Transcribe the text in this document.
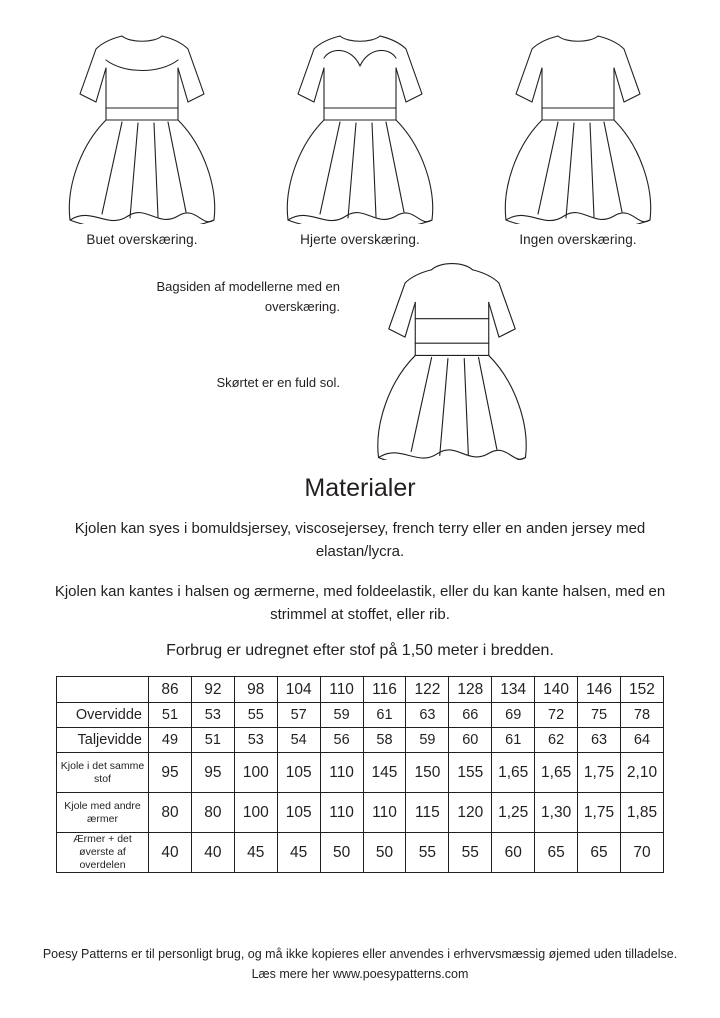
Buet overskæring.	Hjerte overskæring.	Ingen overskæring.
Bagsiden af modellerne med en overskæring.
Skørtet er en fuld sol.
Materialer

Kjolen kan syes i bomuldsjersey, viscosejersey, french terry eller en anden jersey med elastan/lycra.

Kjolen kan kantes i halsen og ærmerne, med foldeelastik, eller du kan kante halsen, med en strimmel at stoffet, eller rib.

Forbrug er udregnet efter stof på 1,50 meter i bredden.
	86	92	98	104	110	116	122	128	134	140	146	152
Overvidde	51	53	55	57	59	61	63	66	69	72	75	78
Taljevidde	49	51	53	54	56	58	59	60	61	62	63	64
Kjole i det samme stof	95	95	100	105	110	145	150	155	1,65	1,65	1,75	2,10
Kjole med andre ærmer	80	80	100	105	110	110	115	120	1,25	1,30	1,75	1,85
Ærmer + det øverste af overdelen	40	40	45	45	50	50	55	55	60	65	65	70
Poesy Patterns er til personligt brug, og må ikke kopieres eller anvendes i erhvervsmæssig øjemed uden tilladelse.
Læs mere her www.poesypatterns.com
